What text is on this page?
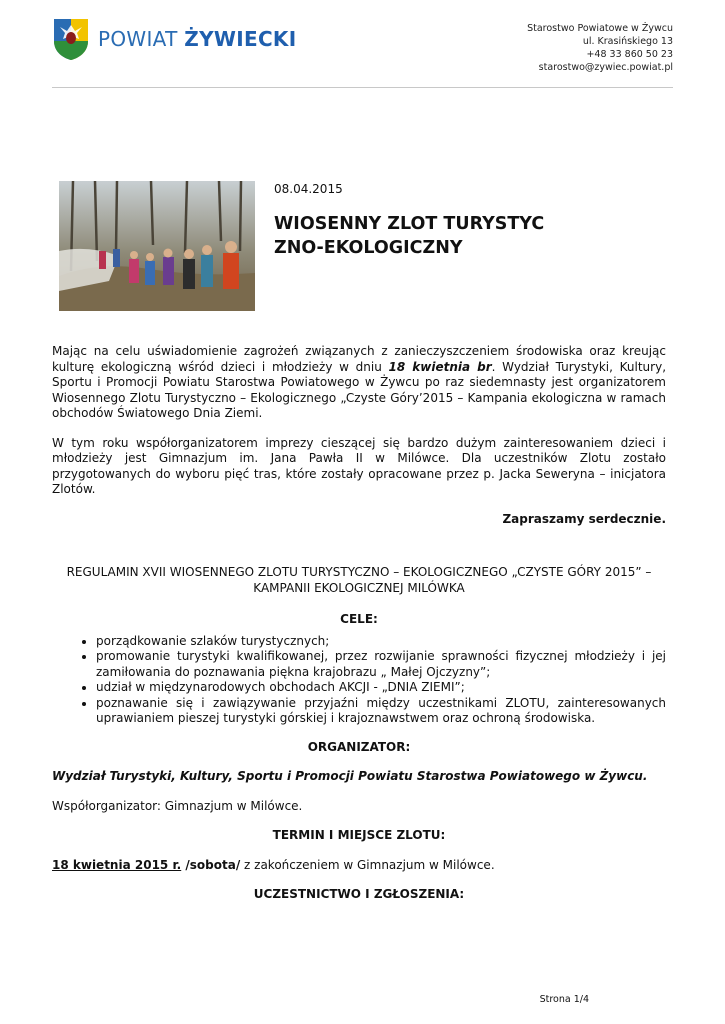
POWIAT ŻYWIECKI	Starostwo Powiatowe w Żywcu
ul. Krasińskiego 13
+48 33 860 50 23
starostwo@zywiec.powiat.pl
08.04.2015
WIOSENNY ZLOT TURYSTYC
ZNO-EKOLOGICZNY

Mając na celu uświadomienie zagrożeń związanych z zanieczyszczeniem środowiska oraz kreując kulturę ekologiczną wśród dzieci i młodzieży w dniu 18 kwietnia br. Wydział Turystyki, Kultury, Sportu i Promocji Powiatu Starostwa Powiatowego w Żywcu po raz siedemnasty jest organizatorem Wiosennego Zlotu Turystyczno – Ekologicznego „Czyste Góry’2015 – Kampania ekologiczna w ramach obchodów Światowego Dnia Ziemi.

W tym roku współorganizatorem imprezy cieszącej się bardzo dużym zainteresowaniem dzieci i młodzieży jest Gimnazjum im. Jana Pawła II w Milówce. Dla uczestników Zlotu zostało przygotowanych do wyboru pięć tras, które zostały opracowane przez p. Jacka Seweryna – inicjatora Zlotów.

Zapraszamy serdecznie.

REGULAMIN XVII WIOSENNEGO ZLOTU TURYSTYCZNO – EKOLOGICZNEGO „CZYSTE GÓRY 2015” –
KAMPANII EKOLOGICZNEJ MILÓWKA

CELE:

• porządkowanie szlaków turystycznych;
• promowanie turystyki kwalifikowanej, przez rozwijanie sprawności fizycznej młodzieży i jej zamiłowania do poznawania piękna krajobrazu „ Małej Ojczyzny”;
• udział w międzynarodowych obchodach AKCJI - „DNIA ZIEMI”;
• poznawanie się i zawiązywanie przyjaźni między uczestnikami ZLOTU, zainteresowanych uprawianiem pieszej turystyki górskiej i krajoznawstwem oraz ochroną środowiska.

ORGANIZATOR:

Wydział Turystyki, Kultury, Sportu i Promocji Powiatu Starostwa Powiatowego w Żywcu.

Współorganizator: Gimnazjum w Milówce.

TERMIN I MIEJSCE ZLOTU:

18 kwietnia 2015 r. /sobota/ z zakończeniem w Gimnazjum w Milówce.

UCZESTNICTWO I ZGŁOSZENIA:

Strona 1/4
